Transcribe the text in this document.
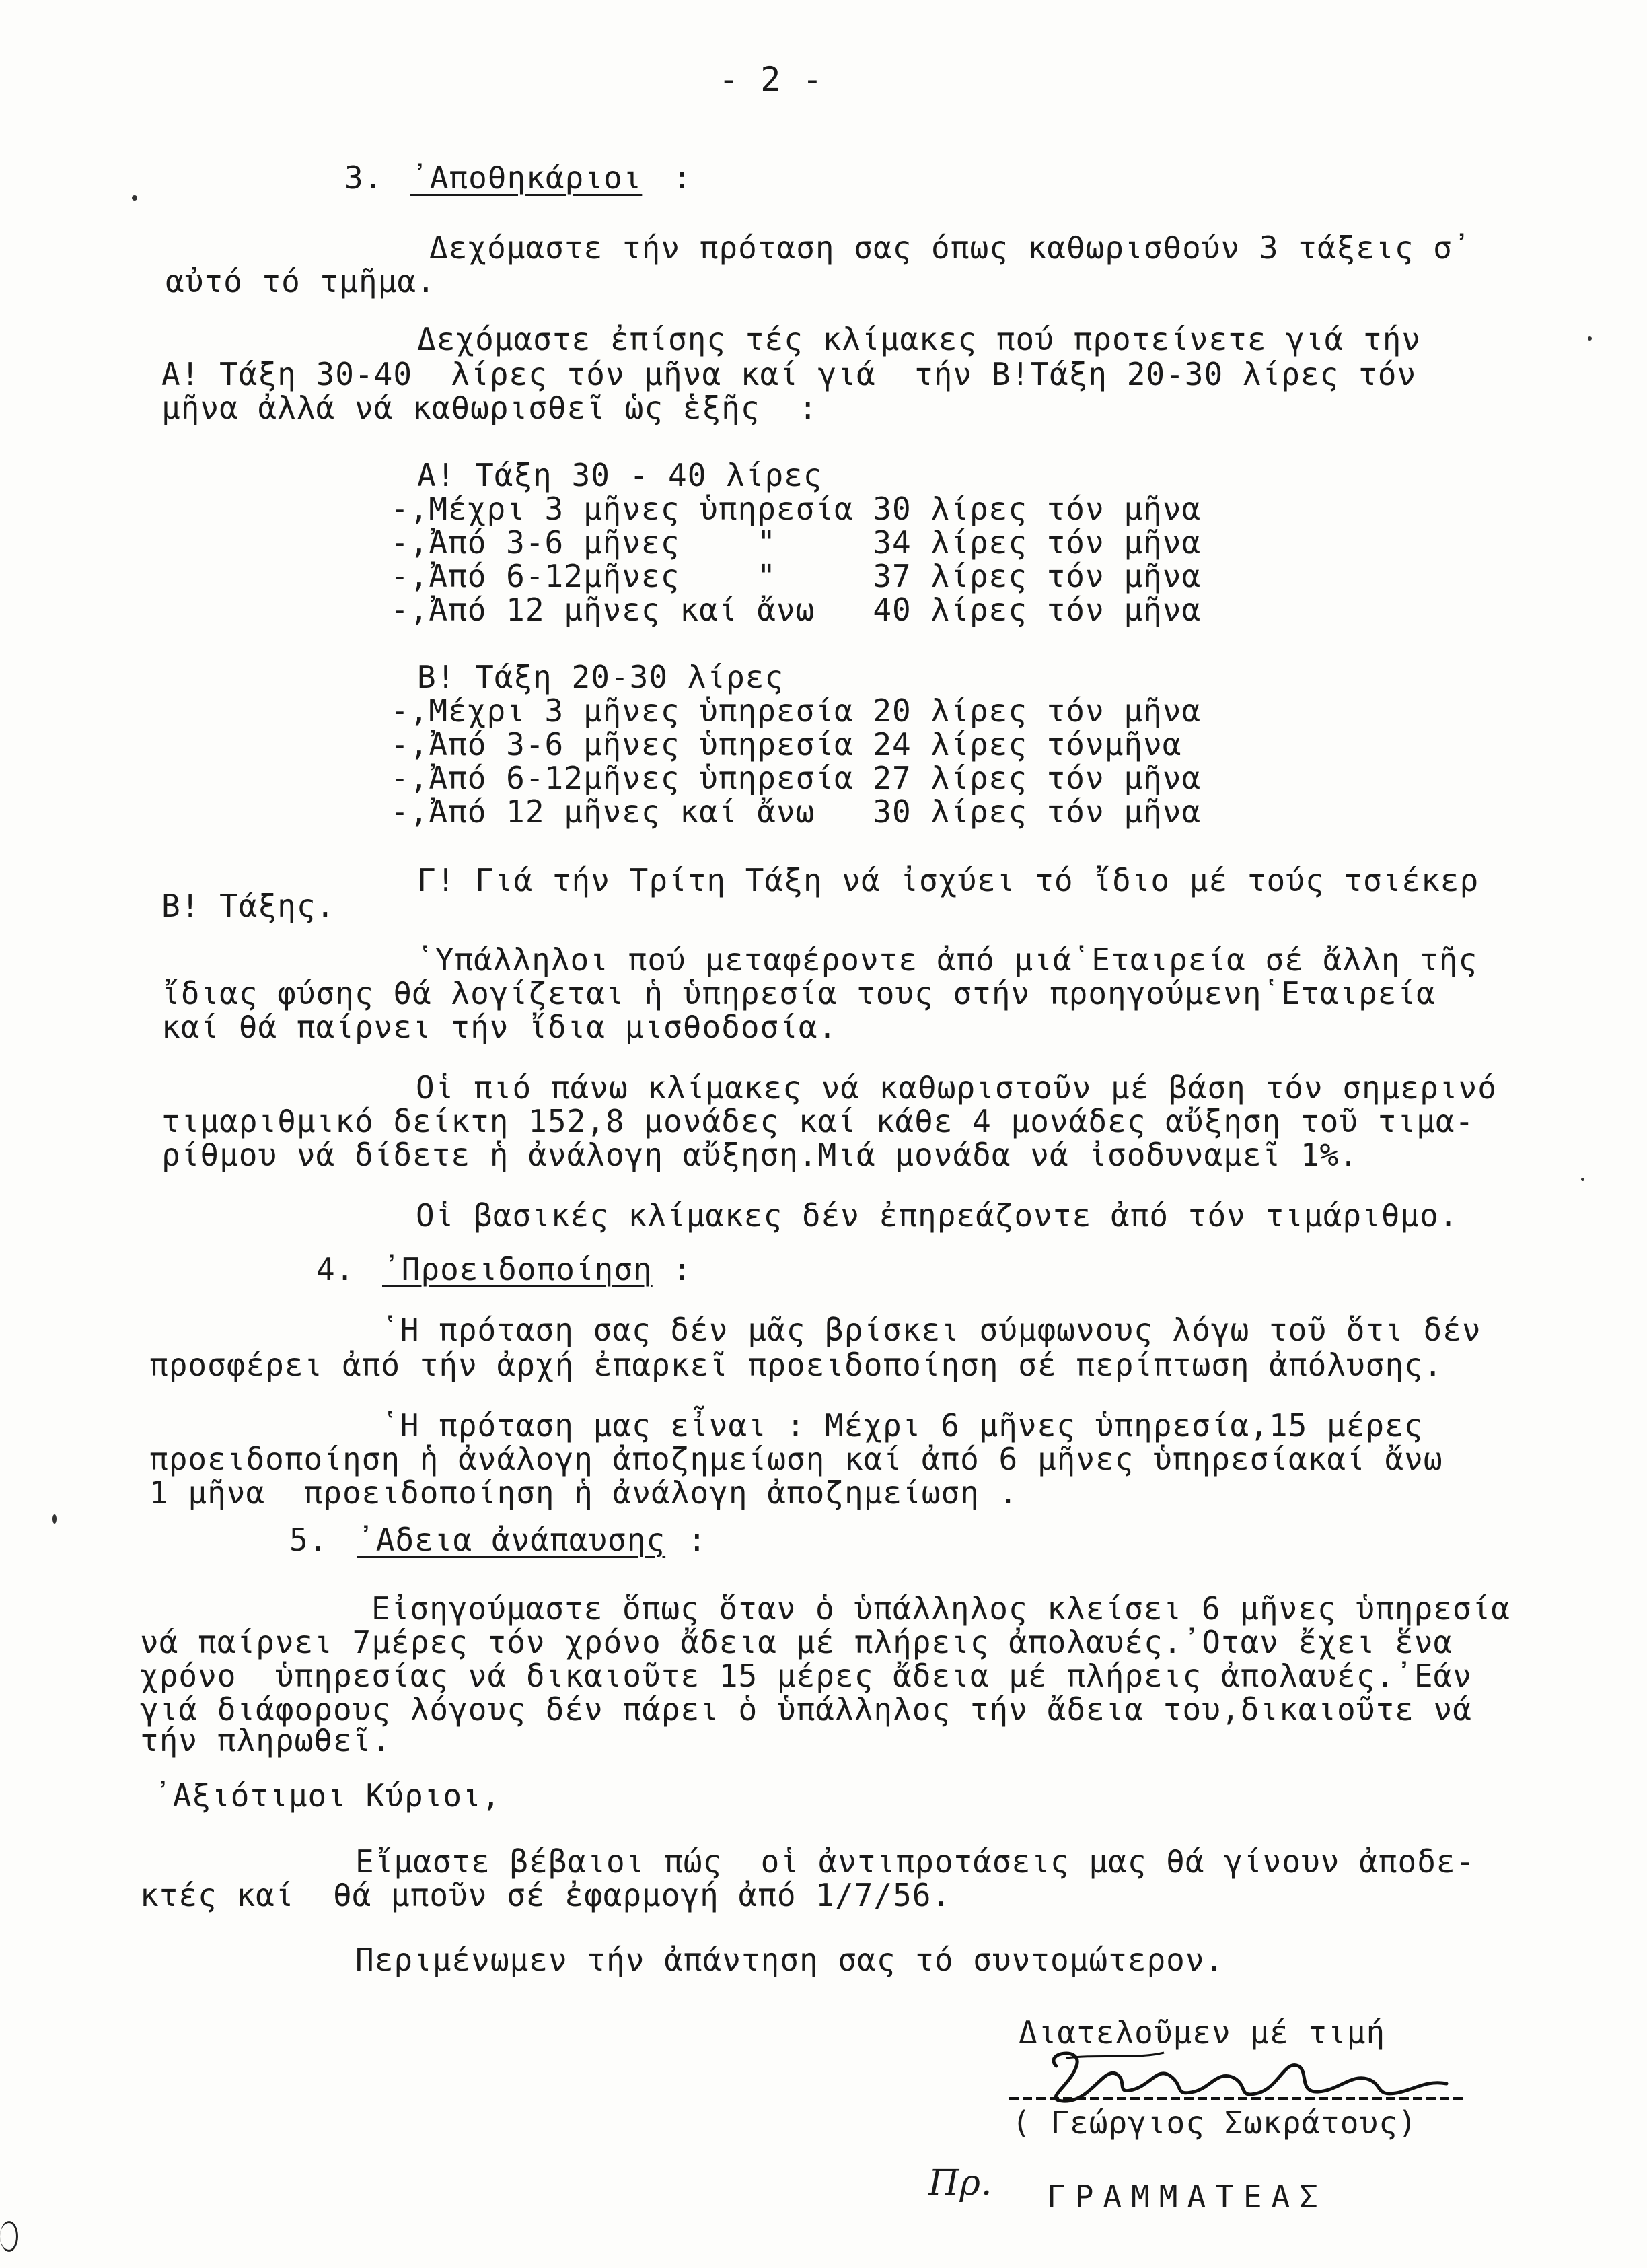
- 2 -
3. ᾽Αποθηκάριοι :
Δεχόμαστε τήν πρόταση σας όπως καθωρισθούν 3 τάξεις σ᾽
αὐτό τό τμῆμα.
Δεχόμαστε ἐπίσης τές κλίμακες πού προτείνετε γιά τήν
Α! Τάξη 30-40  λίρες τόν μῆνα καί γιά  τήν Β!Τάξη 20-30 λίρες τόν
μῆνα ἀλλά νά καθωρισθεῖ ὡς ἑξῆς  :
Α! Τάξη 30 - 40 λίρες
-,Μέχρι 3 μῆνες ὑπηρεσία 30 λίρες τόν μῆνα
-,Ἀπό 3-6 μῆνες    "     34 λίρες τόν μῆνα
-,Ἀπό 6-12μῆνες    "     37 λίρες τόν μῆνα
-,Ἀπό 12 μῆνες καί ἄνω   40 λίρες τόν μῆνα
Β! Τάξη 20-30 λίρες
-,Μέχρι 3 μῆνες ὑπηρεσία 20 λίρες τόν μῆνα
-,Ἀπό 3-6 μῆνες ὑπηρεσία 24 λίρες τόνμῆνα
-,Ἀπό 6-12μῆνες ὑπηρεσία 27 λίρες τόν μῆνα
-,Ἀπό 12 μῆνες καί ἄνω   30 λίρες τόν μῆνα
Γ! Γιά τήν Τρίτη Τάξη νά ἰσχύει τό ἴδιο μέ τούς τσιέκερ
Β! Τάξης.
῾Υπάλληλοι πού μεταφέροντε ἀπό μιά῾Εταιρεία σέ ἄλλη τῆς
ἴδιας φύσης θά λογίζεται ἡ ὑπηρεσία τους στήν προηγούμενη῾Εταιρεία
καί θά παίρνει τήν ἴδια μισθοδοσία.
Οἱ πιό πάνω κλίμακες νά καθωριστοῦν μέ βάση τόν σημερινό
τιμαριθμικό δείκτη 152,8 μονάδες καί κάθε 4 μονάδες αὔξηση τοῦ τιμα-
ρίθμου νά δίδετε ἡ ἀνάλογη αὔξηση.Μιά μονάδα νά ἰσοδυναμεῖ 1%.
Οἱ βασικές κλίμακες δέν ἐπηρεάζοντε ἀπό τόν τιμάριθμο.
4. ᾽Προειδοποίηση :
῾Η πρόταση σας δέν μᾶς βρίσκει σύμφωνους λόγω τοῦ ὅτι δέν
προσφέρει ἀπό τήν ἀρχή ἐπαρκεῖ προειδοποίηση σέ περίπτωση ἀπόλυσης.
῾Η πρόταση μας εἶναι : Μέχρι 6 μῆνες ὑπηρεσία,15 μέρες
προειδοποίηση ἡ ἀνάλογη ἀποζημείωση καί ἀπό 6 μῆνες ὑπηρεσίακαί ἄνω
1 μῆνα  προειδοποίηση ἡ ἀνάλογη ἀποζημείωση .
5. ᾽Αδεια ἀνάπαυσης :
Εἰσηγούμαστε ὅπως ὅταν ὁ ὑπάλληλος κλείσει 6 μῆνες ὑπηρεσία
νά παίρνει 7μέρες τόν χρόνο ἄδεια μέ πλήρεις ἀπολαυές.᾽Οταν ἔχει ἕνα
χρόνο  ὑπηρεσίας νά δικαιοῦτε 15 μέρες ἄδεια μέ πλήρεις ἀπολαυές.᾽Εάν
γιά διάφορους λόγους δέν πάρει ὁ ὑπάλληλος τήν ἄδεια του,δικαιοῦτε νά
τήν πληρωθεῖ.
᾽Αξιότιμοι Κύριοι,
Εἴμαστε βέβαιοι πώς  οἱ ἀντιπροτάσεις μας θά γίνουν ἀποδε-
κτές καί  θά μποῦν σέ ἐφαρμογή ἀπό 1/7/56.
Περιμένωμεν τήν ἀπάντηση σας τό συντομώτερον.
Διατελοῦμεν μέ τιμή
( Γεώργιος Σωκράτους)
Πρ. ΓΡΑΜΜΑΤΕΑΣ
